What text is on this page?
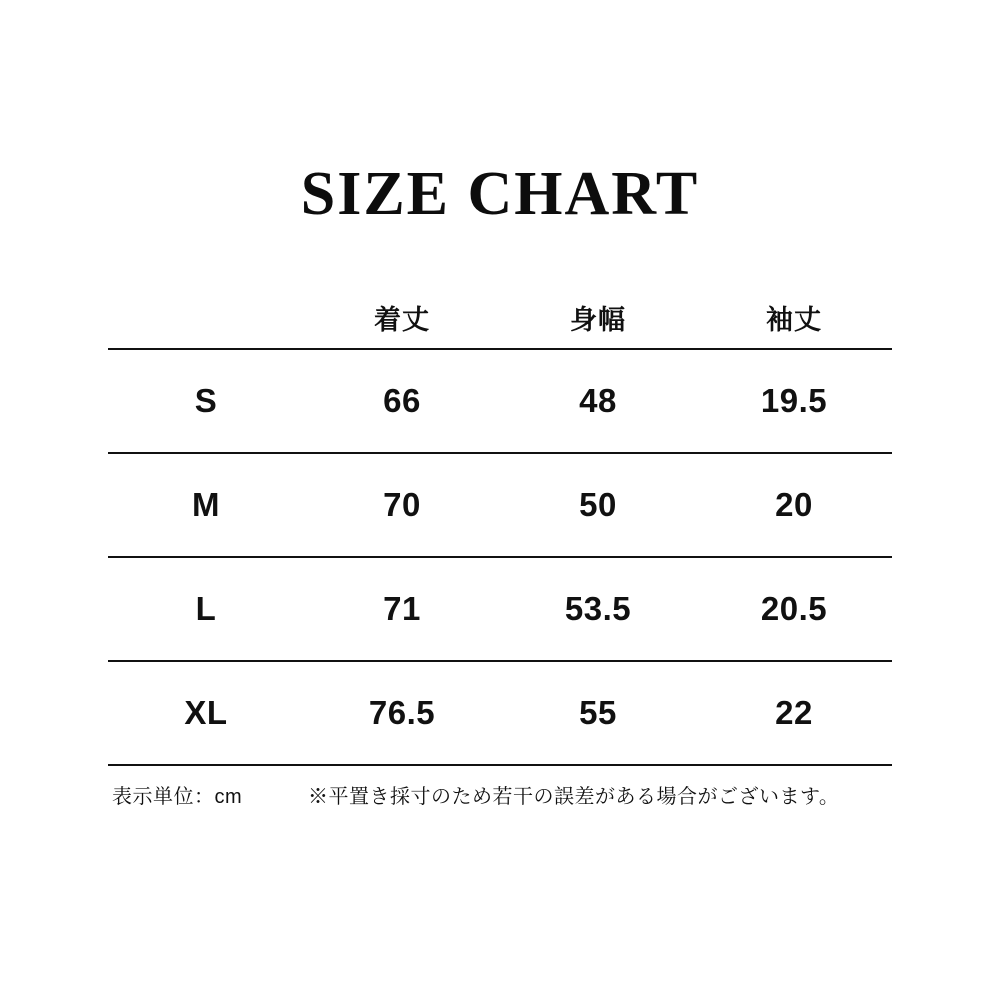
SIZE CHART
	着丈	身幅	袖丈
S	66	48	19.5
M	70	50	20
L	71	53.5	20.5
XL	76.5	55	22
表示単位：cm	※平置き採寸のため若干の誤差がある場合がございます。
